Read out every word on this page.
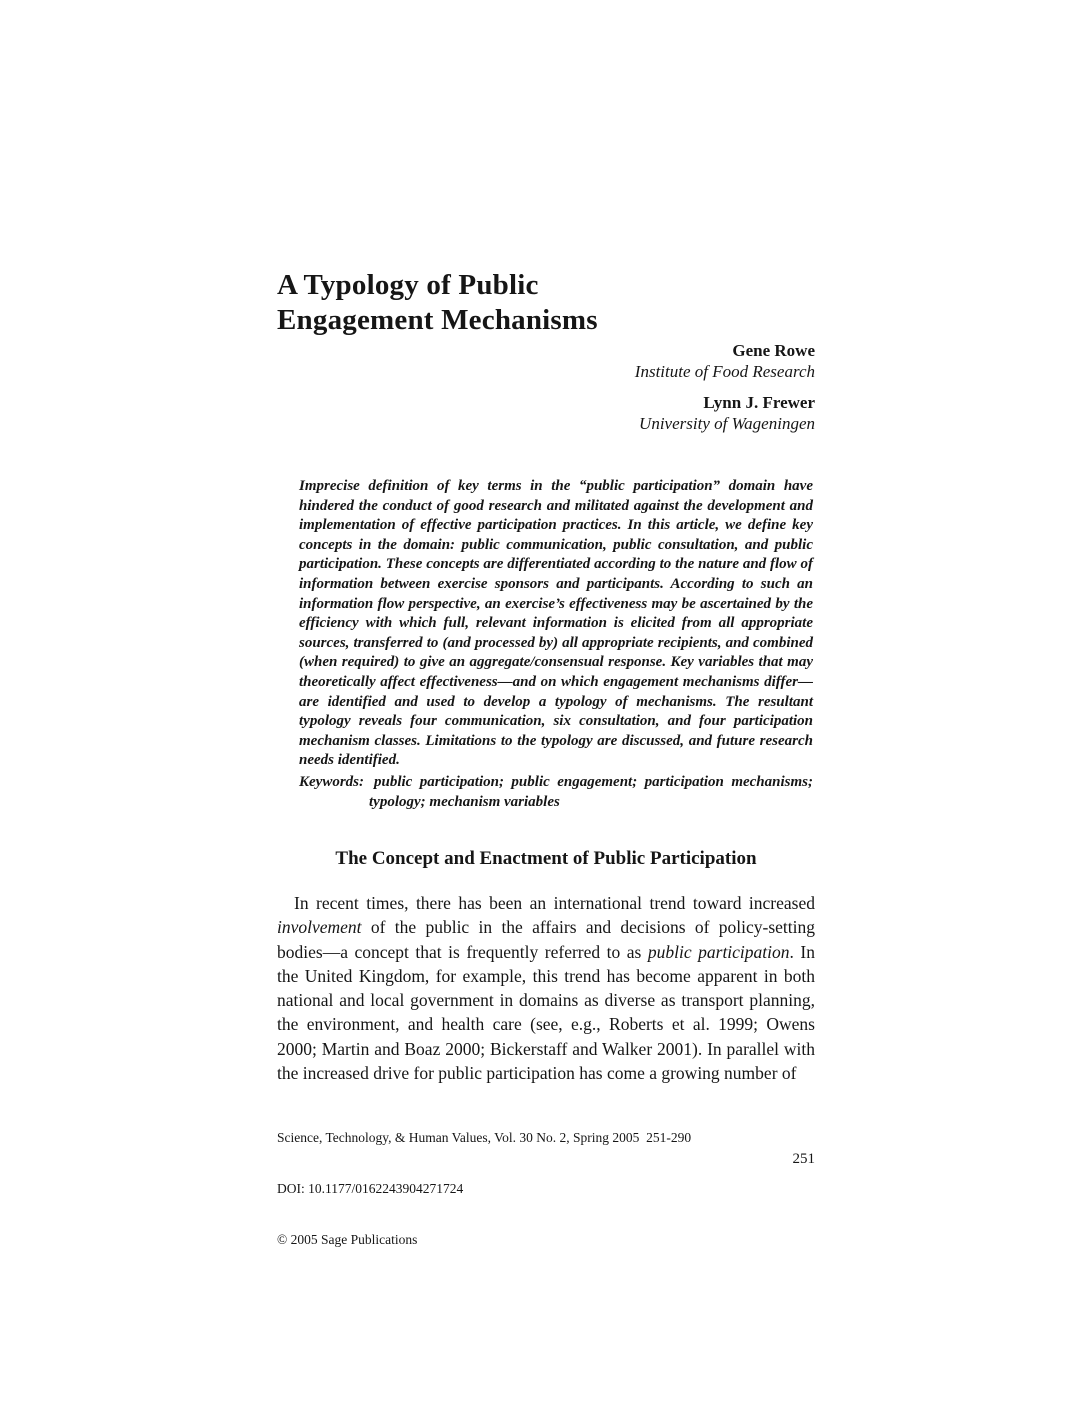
A Typology of Public
Engagement Mechanisms
Gene Rowe
Institute of Food Research
Lynn J. Frewer
University of Wageningen
Imprecise definition of key terms in the “public participation” domain have hindered the conduct of good research and militated against the development and implementation of effective participation practices. In this article, we define key concepts in the domain: public communication, public consultation, and public participation. These concepts are differentiated according to the nature and flow of information between exercise sponsors and participants. According to such an information flow perspective, an exercise’s effectiveness may be ascertained by the efficiency with which full, relevant information is elicited from all appropriate sources, transferred to (and processed by) all appropriate recipients, and combined (when required) to give an aggregate/consensual response. Key variables that may theoretically affect effectiveness—and on which engagement mechanisms differ—are identified and used to develop a typology of mechanisms. The resultant typology reveals four communication, six consultation, and four participation mechanism classes. Limitations to the typology are discussed, and future research needs identified.
Keywords: public participation; public engagement; participation mechanisms; typology; mechanism variables
The Concept and Enactment of Public Participation

In recent times, there has been an international trend toward increased involvement of the public in the affairs and decisions of policy-setting bodies—a concept that is frequently referred to as public participation. In the United Kingdom, for example, this trend has become apparent in both national and local government in domains as diverse as transport planning, the environment, and health care (see, e.g., Roberts et al. 1999; Owens 2000; Martin and Boaz 2000; Bickerstaff and Walker 2001). In parallel with the increased drive for public participation has come a growing number of

Science, Technology, & Human Values, Vol. 30 No. 2, Spring 2005  251-290

DOI: 10.1177/0162243904271724

© 2005 Sage Publications

251
